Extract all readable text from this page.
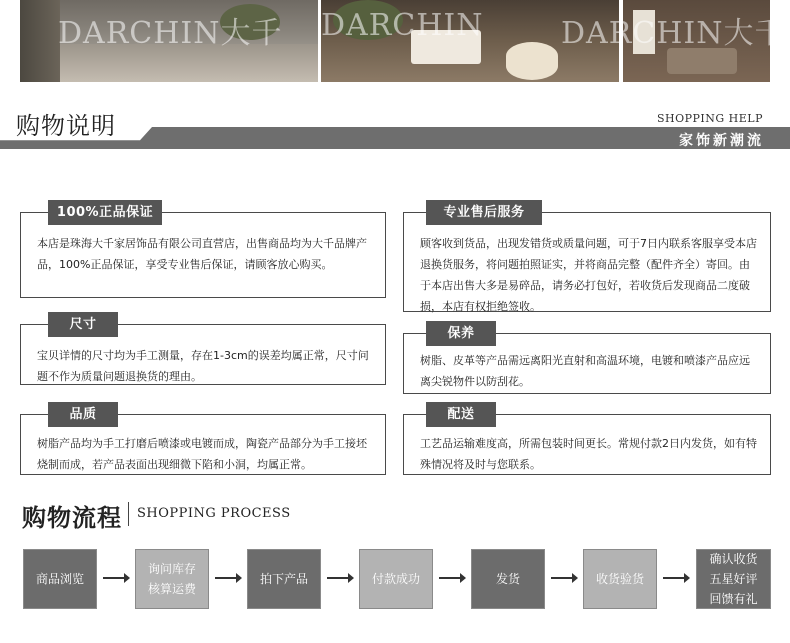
DARCHIN大千 DARCHIN	DARCHIN大千
购物说明	SHOPPING HELP
家饰新潮流
100%正品保证
本店是珠海大千家居饰品有限公司直营店，出售商品均为大千品牌产品，100%正品保证，享受专业售后保证，请顾客放心购买。
专业售后服务
顾客收到货品，出现发错货或质量问题，可于7日内联系客服享受本店退换货服务，将问题拍照证实，并将商品完整（配件齐全）寄回。由于本店出售大多是易碎品，请务必打包好，若收货后发现商品二度破损，本店有权拒绝签收。
尺寸
宝贝详情的尺寸均为手工测量，存在1-3cm的误差均属正常，尺寸问题不作为质量问题退换货的理由。
保养
树脂、皮革等产品需远离阳光直射和高温环境，电镀和喷漆产品应远离尖锐物件以防刮花。
品质
树脂产品均为手工打磨后喷漆或电镀而成，陶瓷产品部分为手工接坯烧制而成，若产品表面出现细微下陷和小洞，均属正常。
配送
工艺品运输难度高，所需包装时间更长。常规付款2日内发货，如有特殊情况将及时与您联系。
购物流程 SHOPPING PROCESS
商品浏览
询问库存
核算运费
拍下产品	付款成功	发货	收货验货
确认收货
五星好评
回馈有礼
